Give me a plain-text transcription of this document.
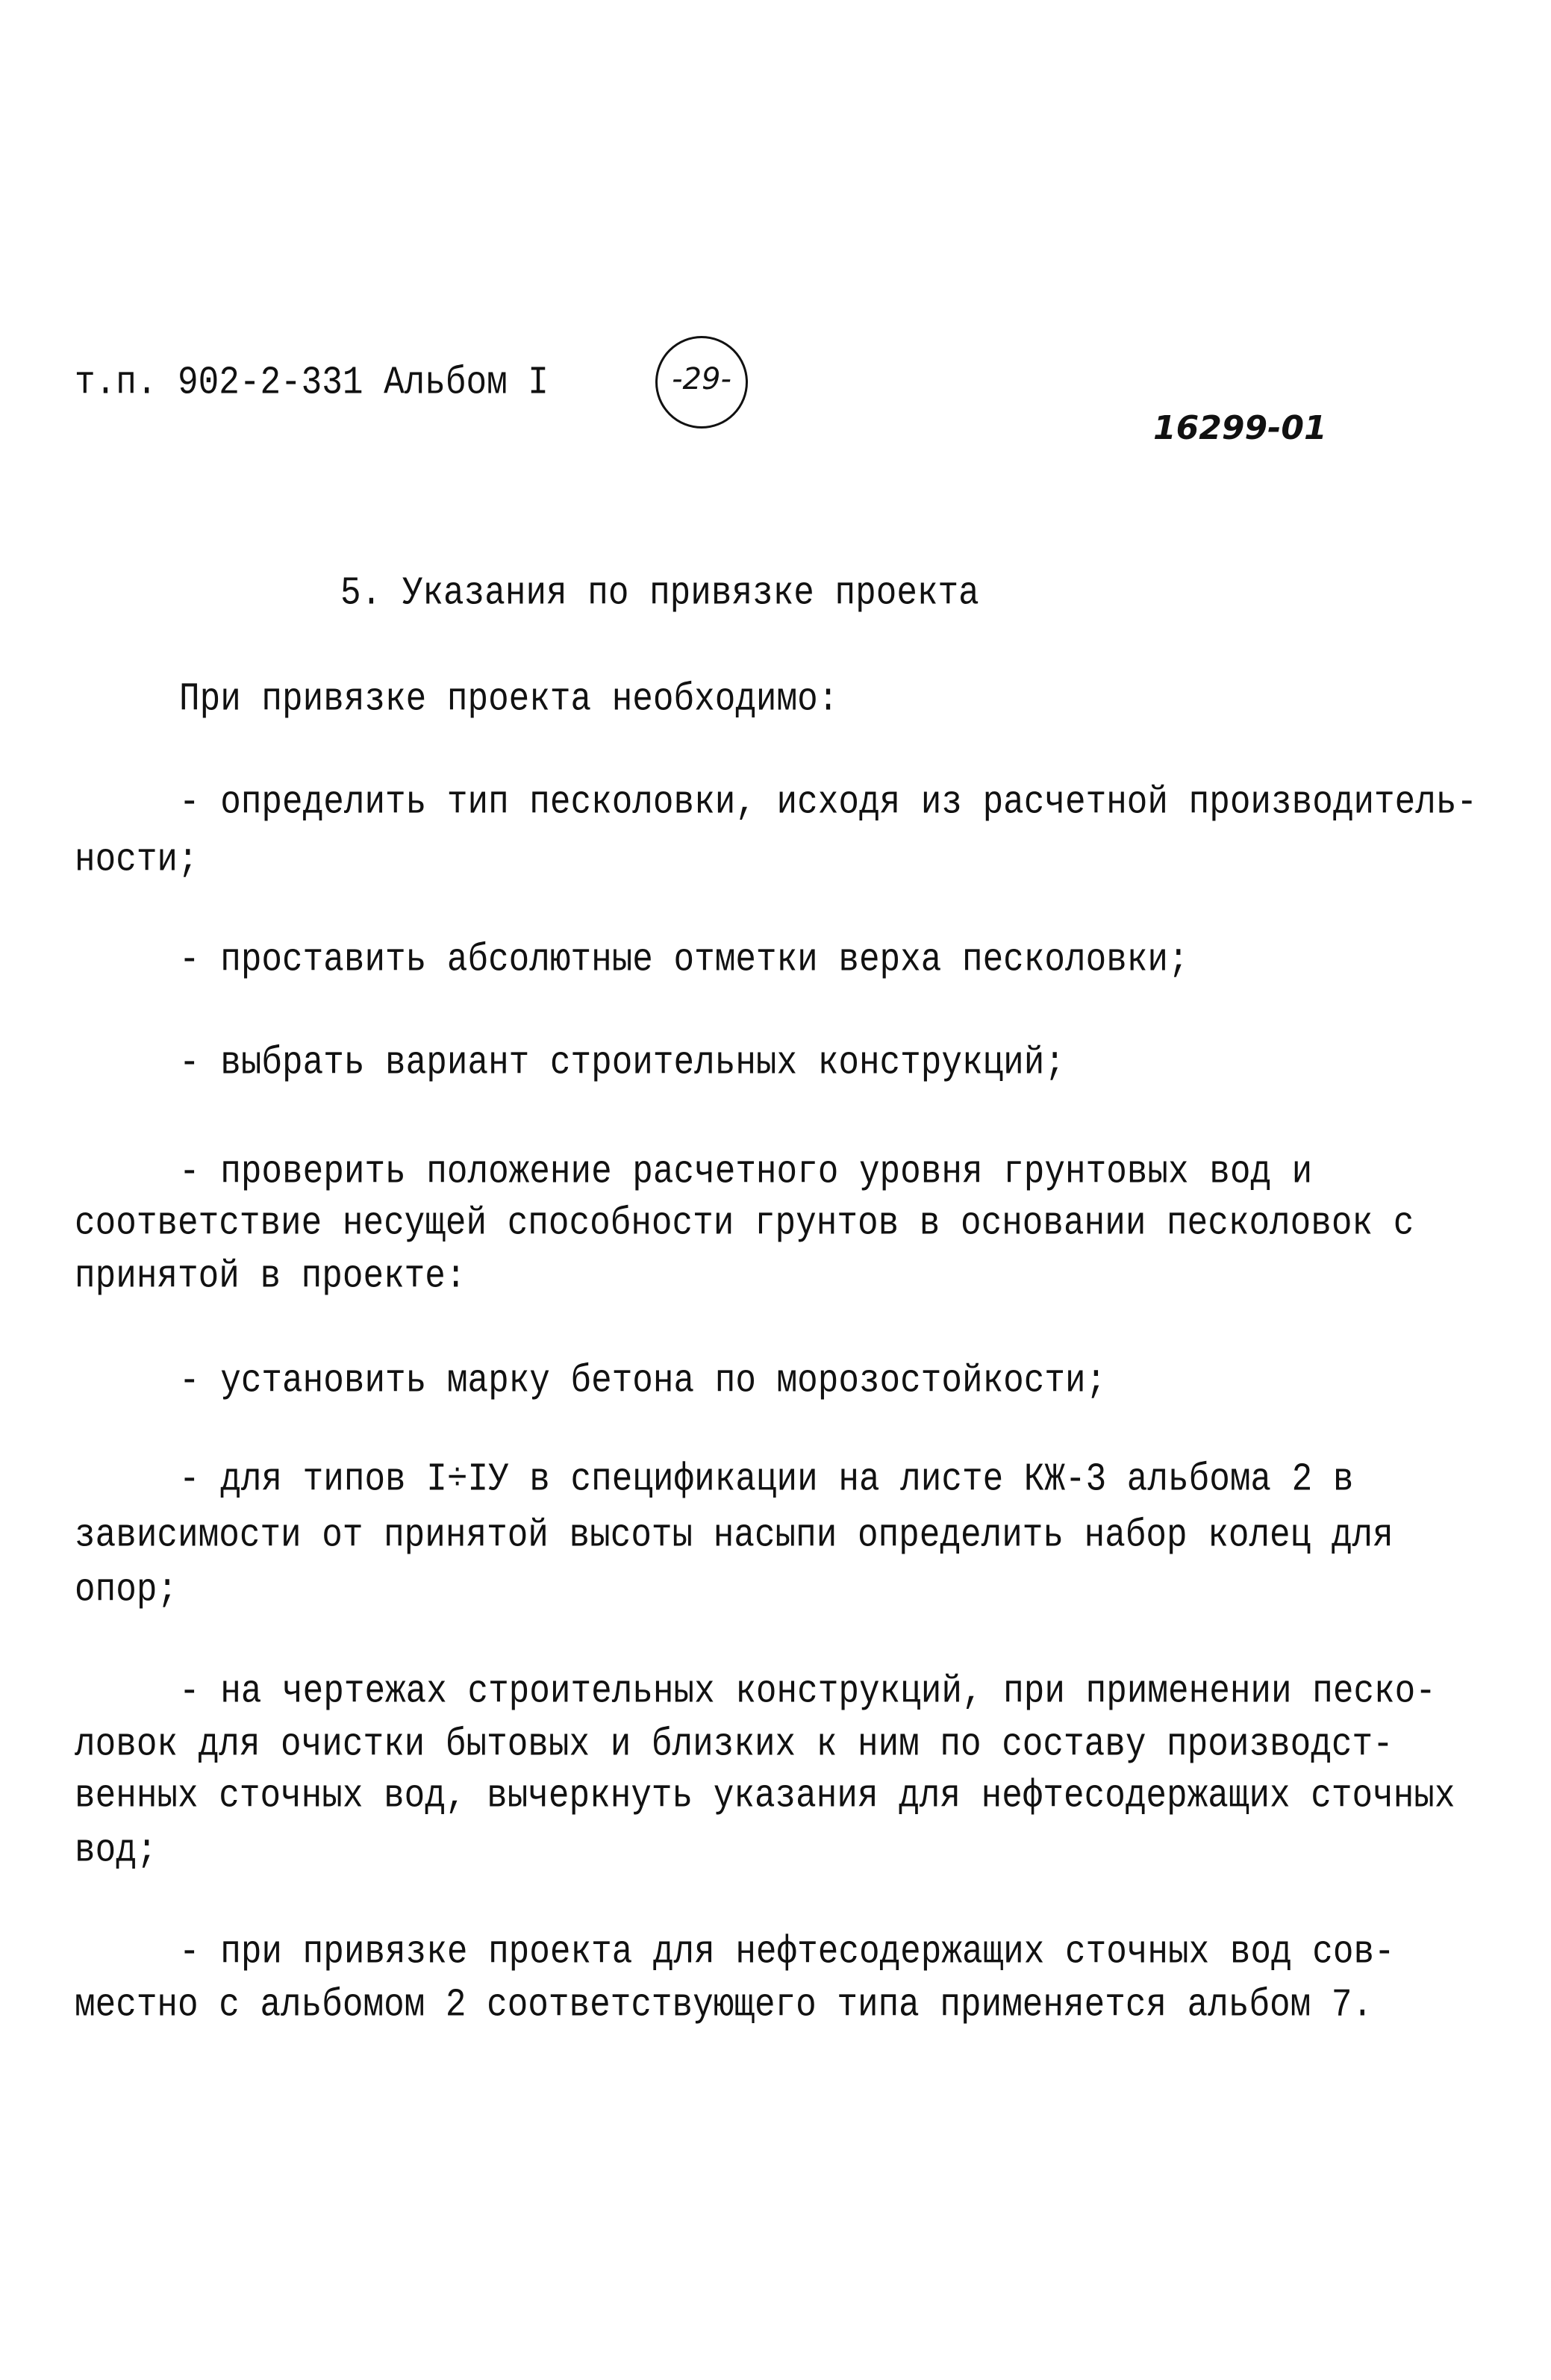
т.п. 902-2-331 Альбом I	-29-
16299-01
5. Указания по привязке проекта
При привязке проекта необходимо:
- определить тип песколовки, исходя из расчетной производитель-
ности;
- проставить абсолютные отметки верха песколовки;
- выбрать вариант строительных конструкций;
- проверить положение расчетного уровня грунтовых вод и
соответствие несущей способности грунтов в основании песколовок с
принятой в проекте:
- установить марку бетона по морозостойкости;
- для типов I÷IУ в спецификации на листе КЖ-3 альбома 2 в
зависимости от принятой высоты насыпи определить набор колец для
опор;
- на чертежах строительных конструкций, при применении песко-
ловок для очистки бытовых и близких к ним по составу производст-
венных сточных вод, вычеркнуть указания для нефтесодержащих сточных
вод;
- при привязке проекта для нефтесодержащих сточных вод сов-
местно с альбомом 2 соответствующего типа применяется альбом 7.
